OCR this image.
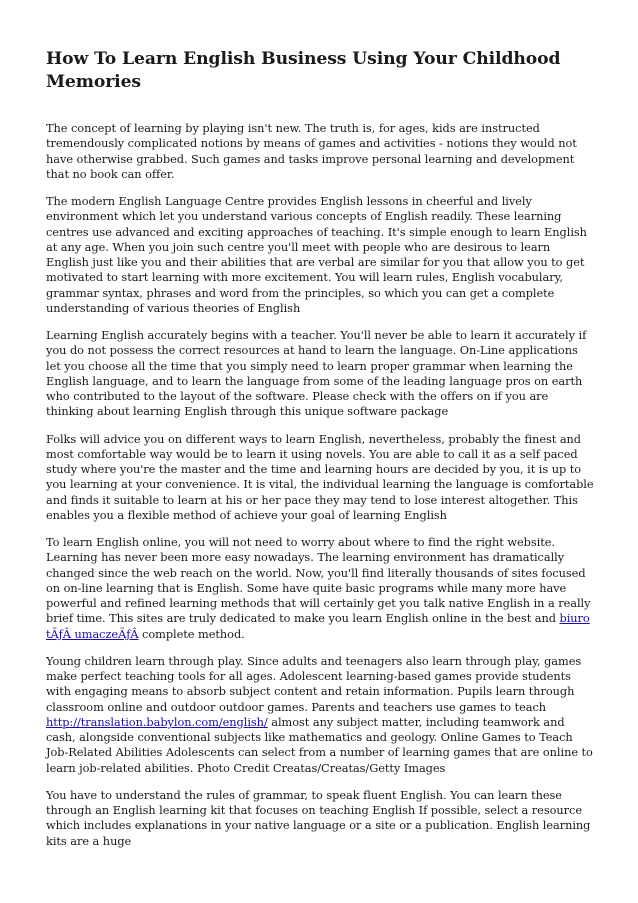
How To Learn English Business Using Your Childhood Memories

The concept of learning by playing isn't new. The truth is, for ages, kids are instructed tremendously complicated notions by means of games and activities - notions they would not have otherwise grabbed. Such games and tasks improve personal learning and development that no book can offer.

The modern English Language Centre provides English lessons in cheerful and lively environment which let you understand various concepts of English readily. These learning centres use advanced and exciting approaches of teaching. It's simple enough to learn English at any age. When you join such centre you'll meet with people who are desirous to learn English just like you and their abilities that are verbal are similar for you that allow you to get motivated to start learning with more excitement. You will learn rules, English vocabulary, grammar syntax, phrases and word from the principles, so which you can get a complete understanding of various theories of English

Learning English accurately begins with a teacher. You'll never be able to learn it accurately if you do not possess the correct resources at hand to learn the language. On-Line applications let you choose all the time that you simply need to learn proper grammar when learning the English language, and to learn the language from some of the leading language pros on earth who contributed to the layout of the software. Please check with the offers on if you are thinking about learning English through this unique software package

Folks will advice you on different ways to learn English, nevertheless, probably the finest and most comfortable way would be to learn it using novels. You are able to call it as a self paced study where you're the master and the time and learning hours are decided by you, it is up to you learning at your convenience. It is vital, the individual learning the language is comfortable and finds it suitable to learn at his or her pace they may tend to lose interest altogether. This enables you a flexible method of achieve your goal of learning English

To learn English online, you will not need to worry about where to find the right website. Learning has never been more easy nowadays. The learning environment has dramatically changed since the web reach on the world. Now, you'll find literally thousands of sites focused on on-line learning that is English. Some have quite basic programs while many more have powerful and refined learning methods that will certainly get you talk native English in a really brief time. This sites are truly dedicated to make you learn English online in the best and biuro tÃƒÂ umaczeÃƒÂ complete method.

Young children learn through play. Since adults and teenagers also learn through play, games make perfect teaching tools for all ages. Adolescent learning-based games provide students with engaging means to absorb subject content and retain information. Pupils learn through classroom online and outdoor outdoor games. Parents and teachers use games to teach http://translation.babylon.com/english/ almost any subject matter, including teamwork and cash, alongside conventional subjects like mathematics and geology. Online Games to Teach Job-Related Abilities Adolescents can select from a number of learning games that are online to learn job-related abilities. Photo Credit Creatas/Creatas/Getty Images

You have to understand the rules of grammar, to speak fluent English. You can learn these through an English learning kit that focuses on teaching English If possible, select a resource which includes explanations in your native language or a site or a publication. English learning kits are a huge
